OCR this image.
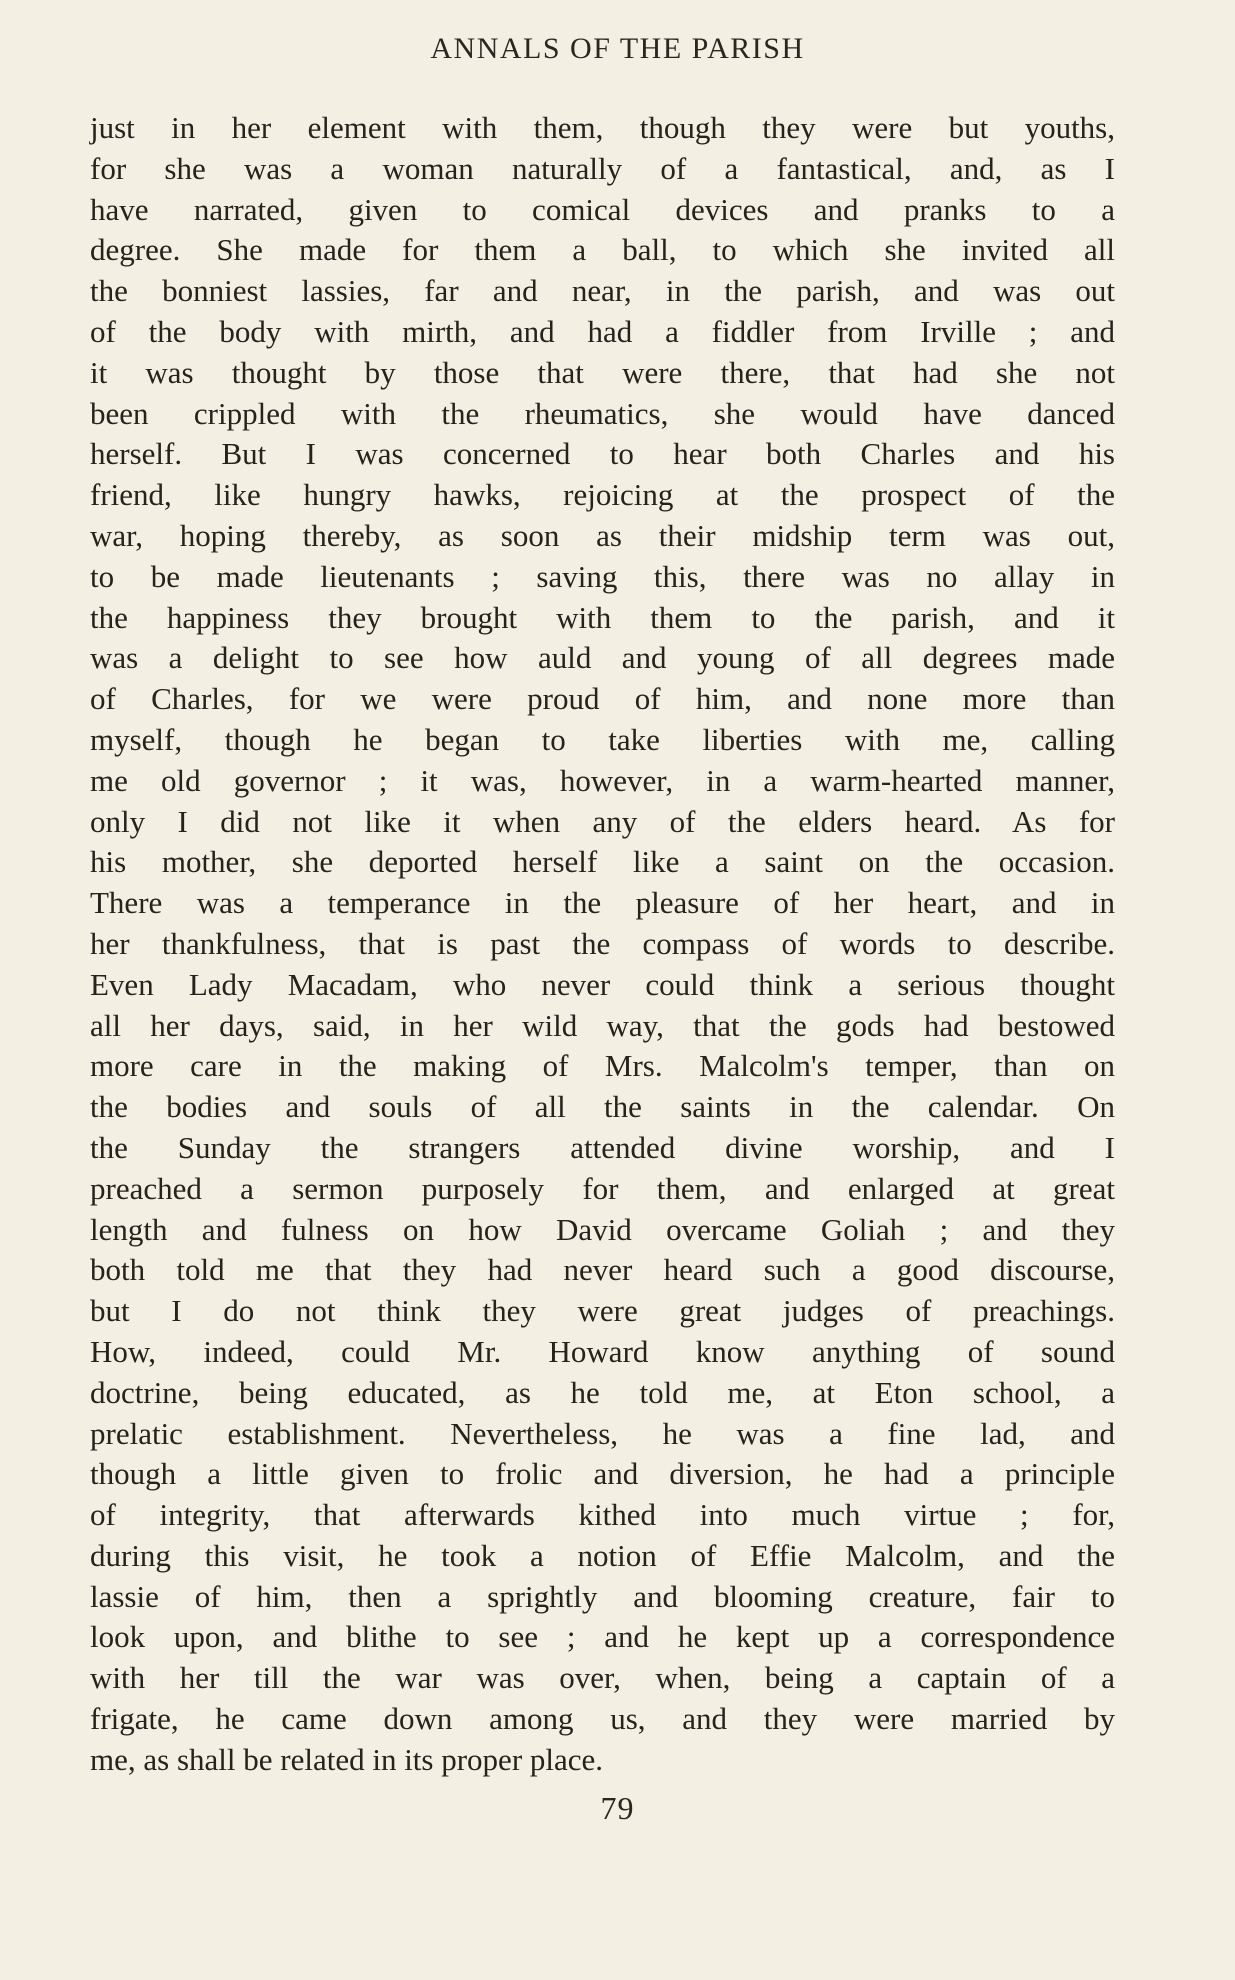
ANNALS OF THE PARISH
just in her element with them, though they were but youths,
for she was a woman naturally of a fantastical, and, as I
have narrated, given to comical devices and pranks to a
degree. She made for them a ball, to which she invited all
the bonniest lassies, far and near, in the parish, and was out
of the body with mirth, and had a fiddler from Irville ; and
it was thought by those that were there, that had she not
been crippled with the rheumatics, she would have danced
herself. But I was concerned to hear both Charles and his
friend, like hungry hawks, rejoicing at the prospect of the
war, hoping thereby, as soon as their midship term was out,
to be made lieutenants ; saving this, there was no allay in
the happiness they brought with them to the parish, and it
was a delight to see how auld and young of all degrees made
of Charles, for we were proud of him, and none more than
myself, though he began to take liberties with me, calling
me old governor ; it was, however, in a warm-hearted manner,
only I did not like it when any of the elders heard. As for
his mother, she deported herself like a saint on the occasion.
There was a temperance in the pleasure of her heart, and in
her thankfulness, that is past the compass of words to describe.
Even Lady Macadam, who never could think a serious thought
all her days, said, in her wild way, that the gods had bestowed
more care in the making of Mrs. Malcolm's temper, than on
the bodies and souls of all the saints in the calendar. On
the Sunday the strangers attended divine worship, and I
preached a sermon purposely for them, and enlarged at great
length and fulness on how David overcame Goliah ; and they
both told me that they had never heard such a good discourse,
but I do not think they were great judges of preachings.
How, indeed, could Mr. Howard know anything of sound
doctrine, being educated, as he told me, at Eton school, a
prelatic establishment. Nevertheless, he was a fine lad, and
though a little given to frolic and diversion, he had a principle
of integrity, that afterwards kithed into much virtue ; for,
during this visit, he took a notion of Effie Malcolm, and the
lassie of him, then a sprightly and blooming creature, fair to
look upon, and blithe to see ; and he kept up a correspondence
with her till the war was over, when, being a captain of a
frigate, he came down among us, and they were married by
me, as shall be related in its proper place.
79
